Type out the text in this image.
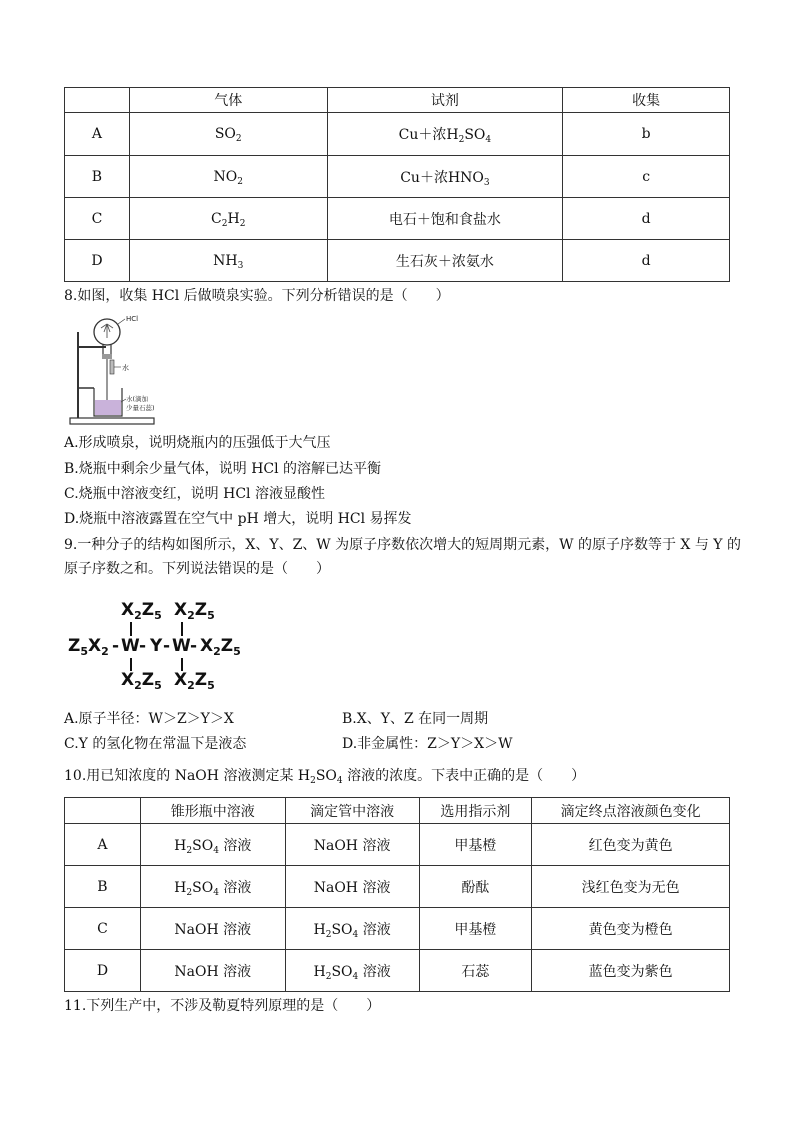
	气体	试剂	收集
A	$SO_2$	Cu＋浓$H_2SO_4$	b
B	$NO_2$	Cu＋浓$HNO_3$	c
C	$C_2H_2$	电石＋饱和食盐水	d
D	$NH_3$	生石灰＋浓氨水	d
8.如图，收集 HCl 后做喷泉实验。下列分析错误的是（　　）
HCl
水
水(滴加
少量石蕊)
A.形成喷泉，说明烧瓶内的压强低于大气压
B.烧瓶中剩余少量气体，说明 HCl 的溶解已达平衡
C.烧瓶中溶液变红，说明 HCl 溶液显酸性
D.烧瓶中溶液露置在空气中 pH 增大，说明 HCl 易挥发
9.一种分子的结构如图所示，X、Y、Z、W 为原子序数依次增大的短周期元素，W 的原子序数等于 X 与 Y 的
原子序数之和。下列说法错误的是（　　）
$X_2Z_5$ $X_2Z_5$
$Z_5X_2$ - W - Y - W - $X_2Z_5$
$X_2Z_5$ $X_2Z_5$
A.原子半径：W＞Z＞Y＞X	B.X、Y、Z 在同一周期
C.Y 的氢化物在常温下是液态	D.非金属性：Z＞Y＞X＞W
10.用已知浓度的 NaOH 溶液测定某 $H_2SO_4$ 溶液的浓度。下表中正确的是（　　）
	锥形瓶中溶液	滴定管中溶液	选用指示剂	滴定终点溶液颜色变化
A	$H_2SO_4$ 溶液	NaOH 溶液	甲基橙	红色变为黄色
B	$H_2SO_4$ 溶液	NaOH 溶液	酚酞	浅红色变为无色
C	NaOH 溶液	$H_2SO_4$ 溶液	甲基橙	黄色变为橙色
D	NaOH 溶液	$H_2SO_4$ 溶液	石蕊	蓝色变为紫色
11.下列生产中，不涉及勒夏特列原理的是（　　）
